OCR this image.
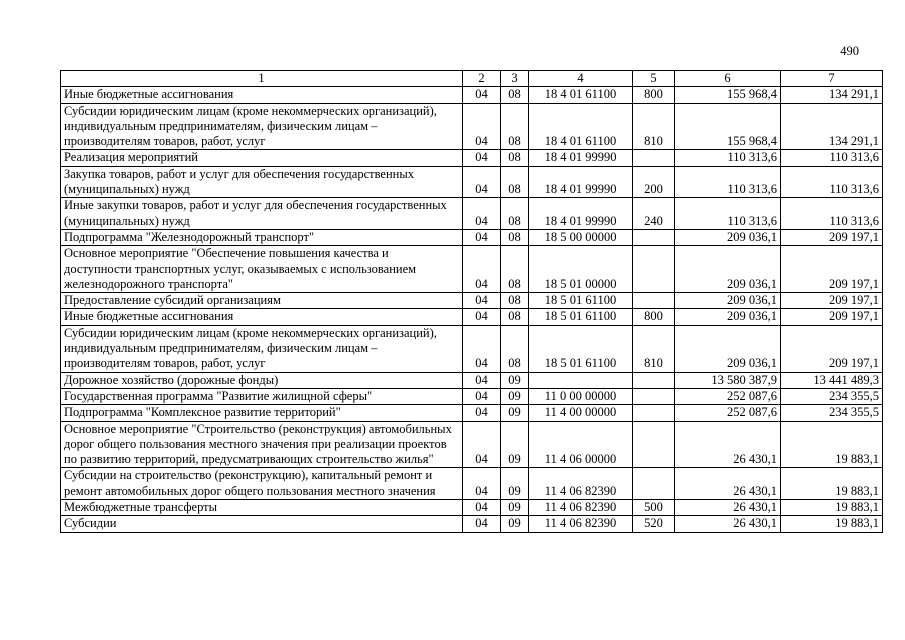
490
1	2	3	4	5	6	7
Иные бюджетные ассигнования	04	08	18 4 01 61100	800	155 968,4	134 291,1
Субсидии юридическим лицам (кроме некоммерческих организаций), индивидуальным предпринимателям, физическим лицам – производителям товаров, работ, услуг	04	08	18 4 01 61100	810	155 968,4	134 291,1
Реализация мероприятий	04	08	18 4 01 99990		110 313,6	110 313,6
Закупка товаров, работ и услуг для обеспечения государственных (муниципальных) нужд	04	08	18 4 01 99990	200	110 313,6	110 313,6
Иные закупки товаров, работ и услуг для обеспечения государственных (муниципальных) нужд	04	08	18 4 01 99990	240	110 313,6	110 313,6
Подпрограмма "Железнодорожный транспорт"	04	08	18 5 00 00000		209 036,1	209 197,1
Основное мероприятие "Обеспечение повышения качества и доступности транспортных услуг, оказываемых с использованием железнодорожного транспорта"	04	08	18 5 01 00000		209 036,1	209 197,1
Предоставление субсидий организациям	04	08	18 5 01 61100		209 036,1	209 197,1
Иные бюджетные ассигнования	04	08	18 5 01 61100	800	209 036,1	209 197,1
Субсидии юридическим лицам (кроме некоммерческих организаций), индивидуальным предпринимателям, физическим лицам – производителям товаров, работ, услуг	04	08	18 5 01 61100	810	209 036,1	209 197,1
Дорожное хозяйство (дорожные фонды)	04	09			13 580 387,9	13 441 489,3
Государственная программа "Развитие жилищной сферы"	04	09	11 0 00 00000		252 087,6	234 355,5
Подпрограмма "Комплексное развитие территорий"	04	09	11 4 00 00000		252 087,6	234 355,5
Основное мероприятие "Строительство (реконструкция) автомобильных дорог общего пользования местного значения при реализации проектов по развитию территорий, предусматривающих строительство жилья"	04	09	11 4 06 00000		26 430,1	19 883,1
Субсидии на строительство (реконструкцию), капитальный ремонт и ремонт автомобильных дорог общего пользования местного значения	04	09	11 4 06 82390		26 430,1	19 883,1
Межбюджетные трансферты	04	09	11 4 06 82390	500	26 430,1	19 883,1
Субсидии	04	09	11 4 06 82390	520	26 430,1	19 883,1
